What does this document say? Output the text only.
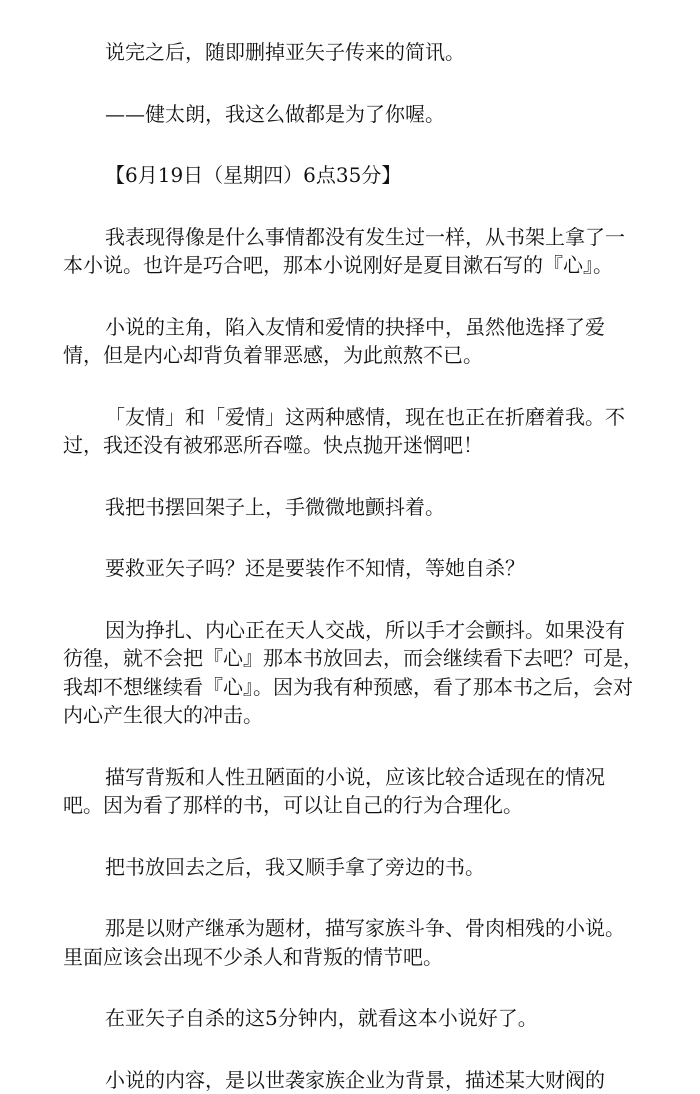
说完之后，随即删掉亚矢子传来的简讯。

——健太朗，我这么做都是为了你喔。

【6月19日（星期四）6点35分】

我表现得像是什么事情都没有发生过一样，从书架上拿了一本小说。也许是巧合吧，那本小说刚好是夏目漱石写的『心』。

小说的主角，陷入友情和爱情的抉择中，虽然他选择了爱情，但是内心却背负着罪恶感，为此煎熬不已。

「友情」和「爱情」这两种感情，现在也正在折磨着我。不过，我还没有被邪恶所吞噬。快点抛开迷惘吧！

我把书摆回架子上，手微微地颤抖着。

要救亚矢子吗？还是要装作不知情，等她自杀？

因为挣扎、内心正在天人交战，所以手才会颤抖。如果没有彷徨，就不会把『心』那本书放回去，而会继续看下去吧？可是，我却不想继续看『心』。因为我有种预感，看了那本书之后，会对内心产生很大的冲击。

描写背叛和人性丑陋面的小说，应该比较合适现在的情况吧。因为看了那样的书，可以让自己的行为合理化。

把书放回去之后，我又顺手拿了旁边的书。

那是以财产继承为题材，描写家族斗争、骨肉相残的小说。里面应该会出现不少杀人和背叛的情节吧。

在亚矢子自杀的这5分钟内，就看这本小说好了。

小说的内容，是以世袭家族企业为背景，描述某大财阀的
